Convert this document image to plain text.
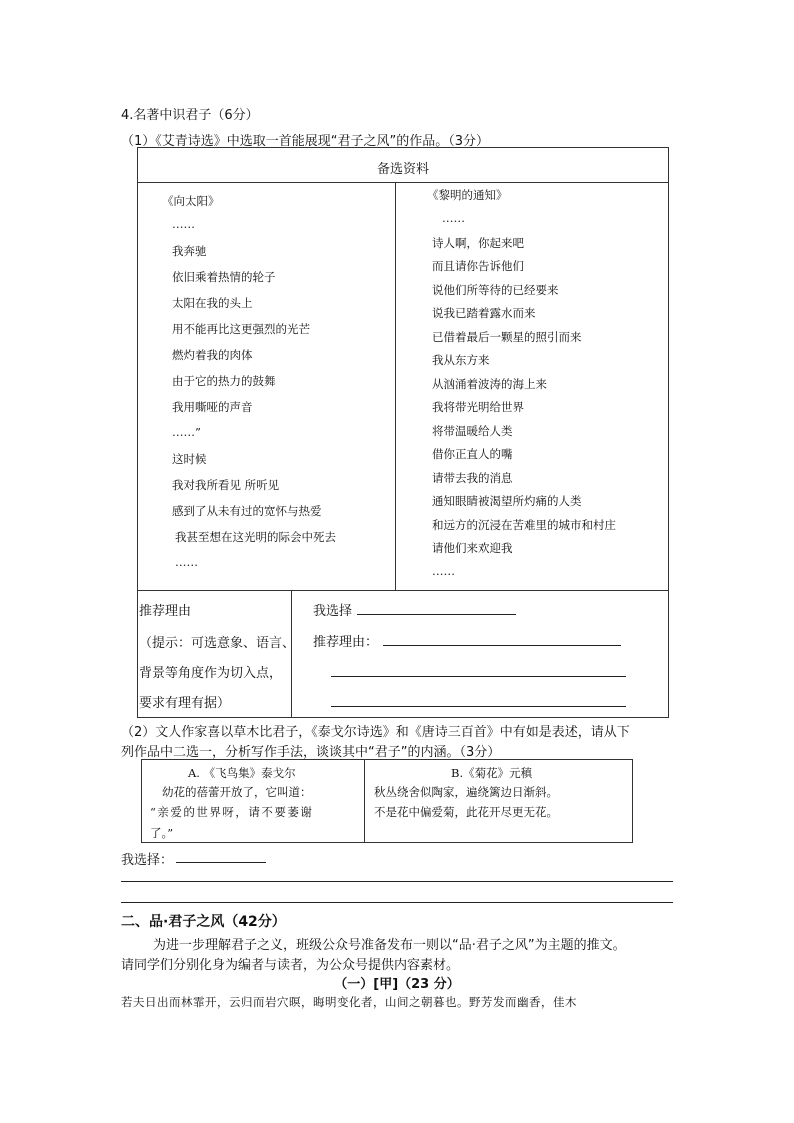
4.名著中识君子（6分）
（1）《艾青诗选》中选取一首能展现“君子之风”的作品。（3分）
备选资料
《向太阳》
……
我奔驰
依旧乘着热情的轮子
太阳在我的头上
用不能再比这更强烈的光芒
燃灼着我的肉体
由于它的热力的鼓舞
我用嘶哑的声音
……”
这时候
我对我所看见 所听见
感到了从未有过的宽怀与热爱
我甚至想在这光明的际会中死去
……
《黎明的通知》
……
诗人啊，你起来吧
而且请你告诉他们
说他们所等待的已经要来
说我已踏着露水而来
已借着最后一颗星的照引而来
我从东方来
从汹涌着波涛的海上来
我将带光明给世界
将带温暖给人类
借你正直人的嘴
请带去我的消息
通知眼睛被渴望所灼痛的人类
和远方的沉浸在苦难里的城市和村庄
请他们来欢迎我
……
推荐理由
（提示：可选意象、语言、
背景等角度作为切入点，
要求有理有据）
我选择
推荐理由：
（2）文人作家喜以草木比君子，《泰戈尔诗选》和《唐诗三百首》中有如是表述，请从下
列作品中二选一，分析写作手法，谈谈其中“君子”的内涵。（3分）
A. 《飞鸟集》泰戈尔
幼花的蓓蕾开放了，它叫道：
“亲爱的世界呀，请不要萎谢
了。”
B.《菊花》元稹
秋丛绕舍似陶家，遍绕篱边日渐斜。
不是花中偏爱菊，此花开尽更无花。
我选择：
二、品·君子之风（42分）
为进一步理解君子之义，班级公众号准备发布一则以“品·君子之风”为主题的推文。
请同学们分别化身为编者与读者，为公众号提供内容素材。
（一）[甲]（23 分）
若夫日出而林霏开，云归而岩穴暝，晦明变化者，山间之朝暮也。野芳发而幽香，佳木
